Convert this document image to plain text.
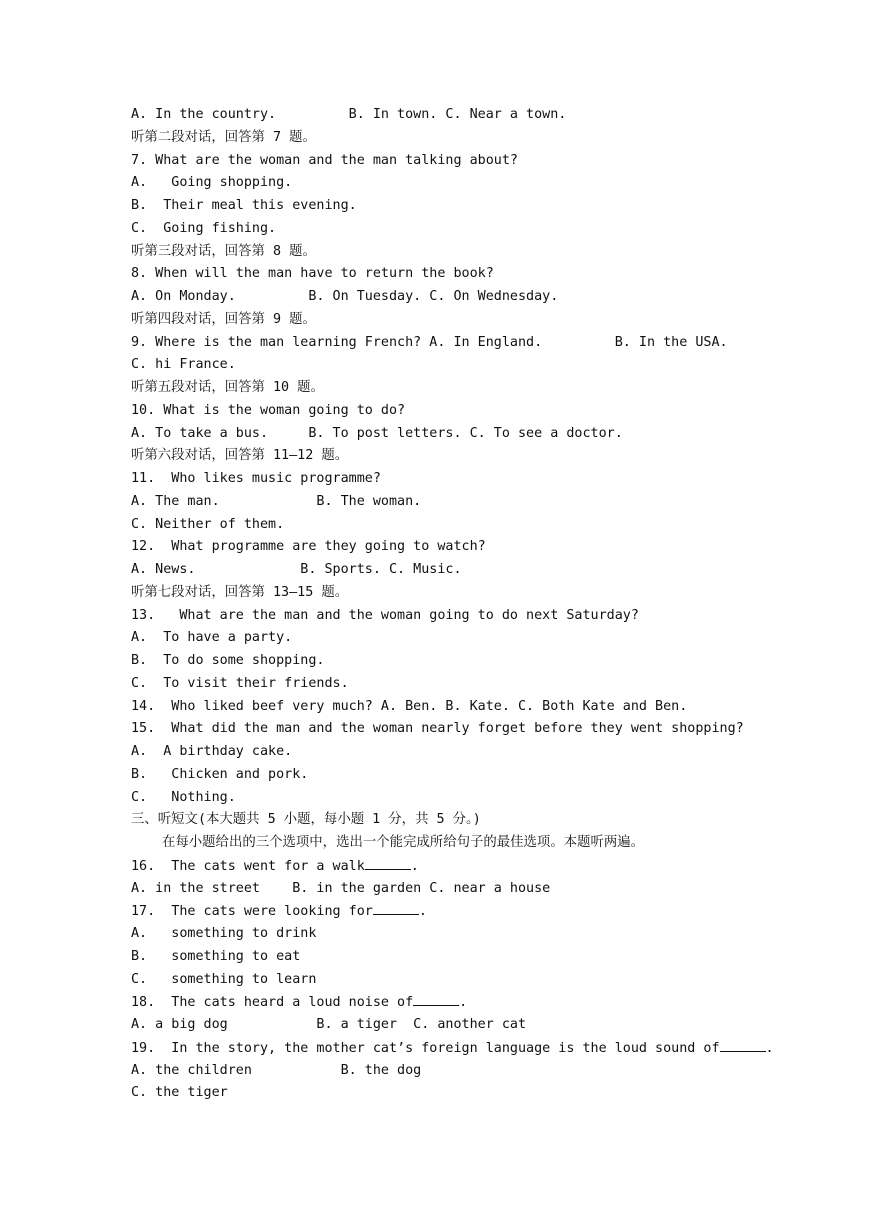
A. In the country.         B. In town. C. Near a town.
听第二段对话，回答第 7 题。
7. What are the woman and the man talking about?
A.   Going shopping.
B.  Their meal this evening.
C.  Going fishing.
听第三段对话，回答第 8 题。
8. When will the man have to return the book?
A. On Monday.         B. On Tuesday. C. On Wednesday.
听第四段对话，回答第 9 题。
9. Where is the man learning French? A. In England.         B. In the USA.
C. hi France.
听第五段对话，回答第 10 题。
10. What is the woman going to do?
A. To take a bus.     B. To post letters. C. To see a doctor.
听第六段对话，回答第 11—12 题。
11.  Who likes music programme?
A. The man.            B. The woman.
C. Neither of them.
12.  What programme are they going to watch?
A. News.             B. Sports. C. Music.
听第七段对话，回答第 13—15 题。
13.   What are the man and the woman going to do next Saturday?
A.  To have a party.
B.  To do some shopping.
C.  To visit their friends.
14.  Who liked beef very much? A. Ben. B. Kate. C. Both Kate and Ben.
15.  What did the man and the woman nearly forget before they went shopping?
A.  A birthday cake.
B.   Chicken and pork.
C.   Nothing.
三、听短文(本大题共 5 小题，每小题 1 分，共 5 分。)
在每小题给出的三个选项中，选出一个能完成所给句子的最佳选项。本题听两遍。
16.  The cats went for a walk	.
A. in the street    B. in the garden C. near a house
17.  The cats were looking for	.
A.   something to drink
B.   something to eat
C.   something to learn
18.  The cats heard a loud noise of	.
A. a big dog           B. a tiger  C. another cat
19.  In the story, the mother cat’s foreign language is the loud sound of	.
A. the children           B. the dog
C. the tiger
